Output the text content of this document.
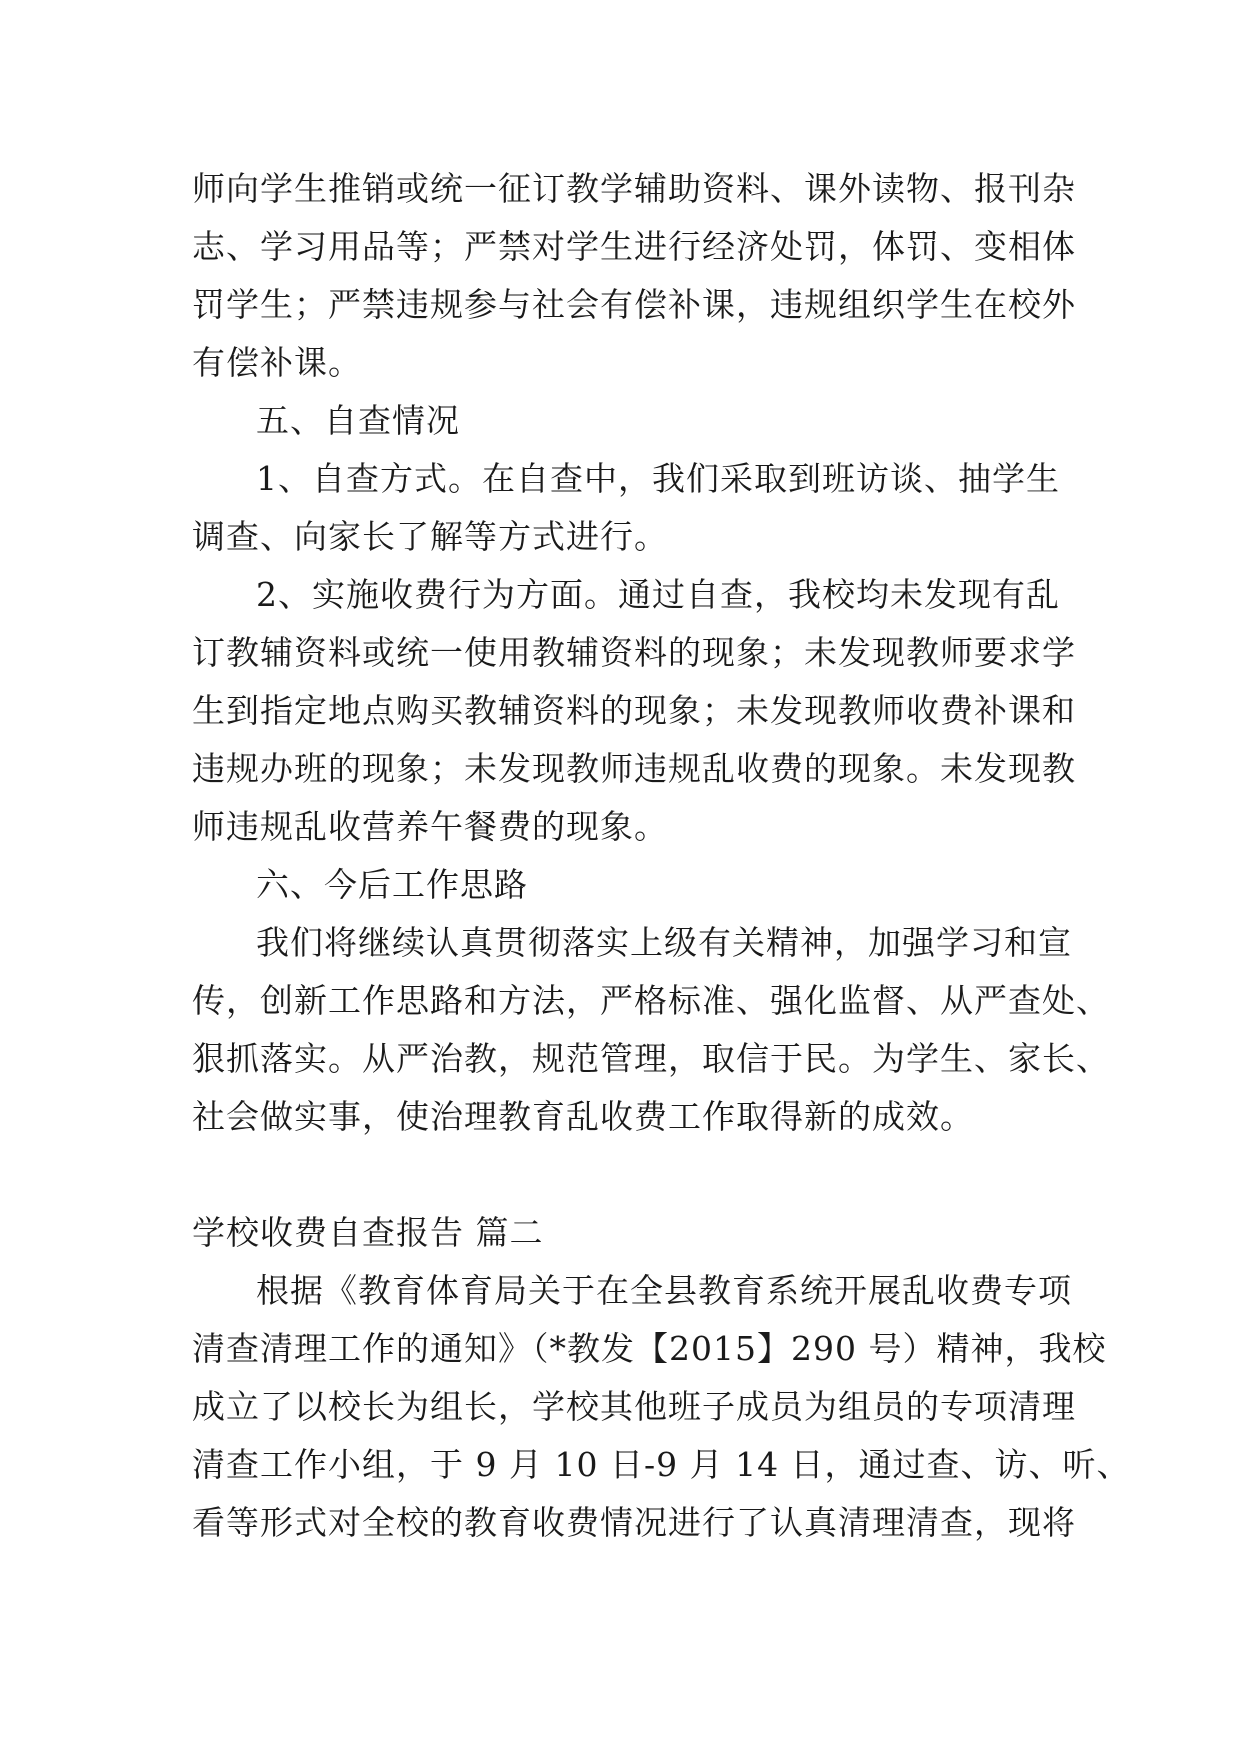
师向学生推销或统一征订教学辅助资料、课外读物、报刊杂
志、学习用品等；严禁对学生进行经济处罚，体罚、变相体
罚学生；严禁违规参与社会有偿补课，违规组织学生在校外
有偿补课。
五、自查情况
1、自查方式。在自查中，我们采取到班访谈、抽学生
调查、向家长了解等方式进行。
2、实施收费行为方面。通过自查，我校均未发现有乱
订教辅资料或统一使用教辅资料的现象；未发现教师要求学
生到指定地点购买教辅资料的现象；未发现教师收费补课和
违规办班的现象；未发现教师违规乱收费的现象。未发现教
师违规乱收营养午餐费的现象。
六、今后工作思路
我们将继续认真贯彻落实上级有关精神，加强学习和宣
传，创新工作思路和方法，严格标准、强化监督、从严查处、
狠抓落实。从严治教，规范管理，取信于民。为学生、家长、
社会做实事，使治理教育乱收费工作取得新的成效。
学校收费自查报告 篇二
根据《教育体育局关于在全县教育系统开展乱收费专项
清查清理工作的通知》（*教发【2015】290 号）精神，我校
成立了以校长为组长，学校其他班子成员为组员的专项清理
清查工作小组，于 9 月 10 日-9 月 14 日，通过查、访、听、
看等形式对全校的教育收费情况进行了认真清理清查，现将
